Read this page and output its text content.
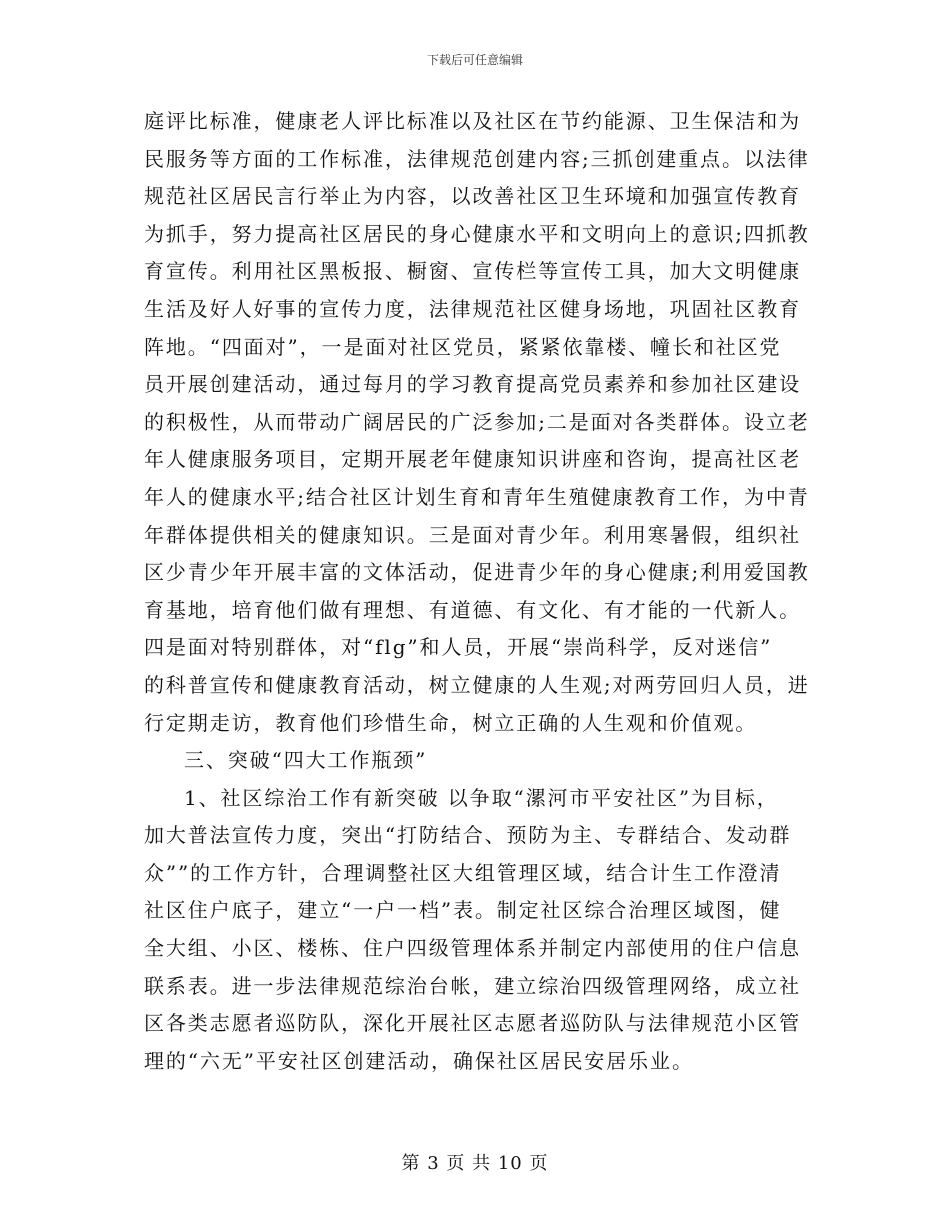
下载后可任意编辑
庭评比标准，健康老人评比标准以及社区在节约能源、卫生保洁和为
民服务等方面的工作标准，法律规范创建内容;三抓创建重点。以法律
规范社区居民言行举止为内容，以改善社区卫生环境和加强宣传教育
为抓手，努力提高社区居民的身心健康水平和文明向上的意识;四抓教
育宣传。利用社区黑板报、橱窗、宣传栏等宣传工具，加大文明健康
生活及好人好事的宣传力度，法律规范社区健身场地，巩固社区教育
阵地。“四面对”，一是面对社区党员，紧紧依靠楼、幢长和社区党
员开展创建活动，通过每月的学习教育提高党员素养和参加社区建设
的积极性，从而带动广阔居民的广泛参加;二是面对各类群体。设立老
年人健康服务项目，定期开展老年健康知识讲座和咨询，提高社区老
年人的健康水平;结合社区计划生育和青年生殖健康教育工作，为中青
年群体提供相关的健康知识。三是面对青少年。利用寒暑假，组织社
区少青少年开展丰富的文体活动，促进青少年的身心健康;利用爱国教
育基地，培育他们做有理想、有道德、有文化、有才能的一代新人。
四是面对特别群体，对“flg”和人员，开展“崇尚科学，反对迷信”
的科普宣传和健康教育活动，树立健康的人生观;对两劳回归人员，进
行定期走访，教育他们珍惜生命，树立正确的人生观和价值观。
三、突破“四大工作瓶颈”
1、社区综治工作有新突破 以争取“漯河市平安社区”为目标，
加大普法宣传力度，突出“打防结合、预防为主、专群结合、发动群
众””的工作方针，合理调整社区大组管理区域，结合计生工作澄清
社区住户底子，建立“一户一档”表。制定社区综合治理区域图，健
全大组、小区、楼栋、住户四级管理体系并制定内部使用的住户信息
联系表。进一步法律规范综治台帐，建立综治四级管理网络，成立社
区各类志愿者巡防队，深化开展社区志愿者巡防队与法律规范小区管
理的“六无”平安社区创建活动，确保社区居民安居乐业。
第 3 页 共 10 页
